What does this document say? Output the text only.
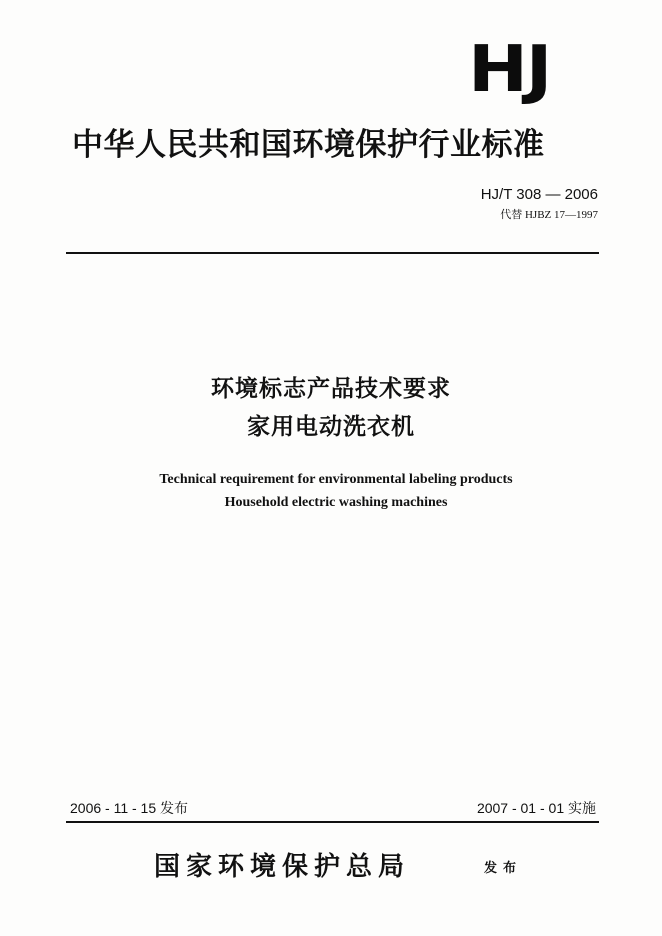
HJ
中华人民共和国环境保护行业标准
HJ/T 308 — 2006
代替 HJBZ 17—1997
环境标志产品技术要求
家用电动洗衣机
Technical requirement for environmental labeling products
Household electric washing machines
2006 - 11 - 15 发布	2007 - 01 - 01 实施
国家环境保护总局	发布
